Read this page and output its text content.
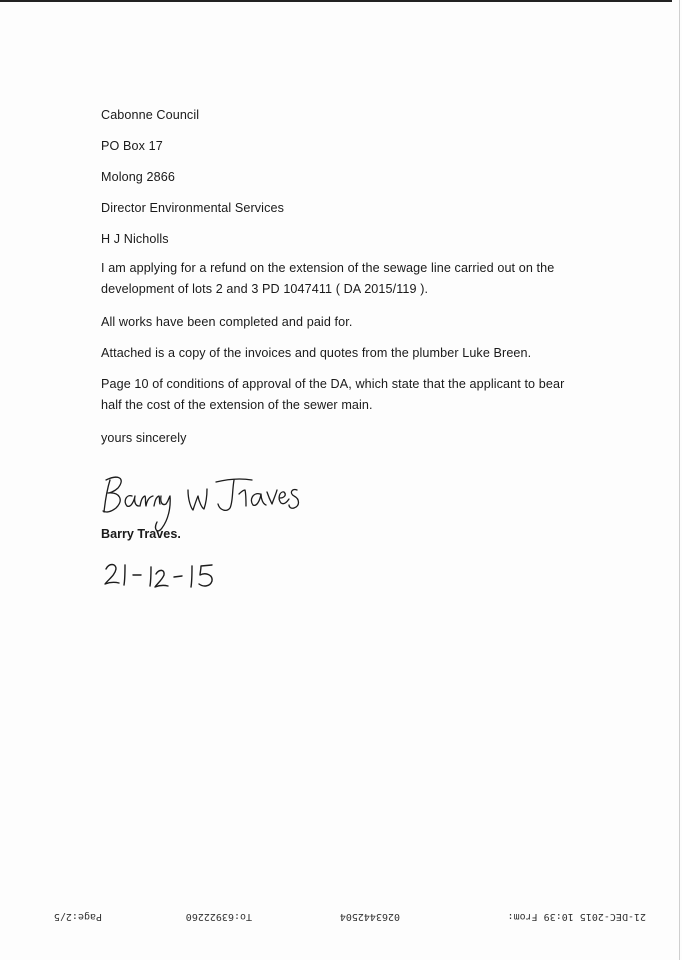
Cabonne Council
PO Box 17
Molong 2866
Director Environmental Services
H J Nicholls
I am applying for a refund on the extension of the sewage line carried out on the development of lots 2 and 3 PD 1047411 ( DA 2015/119 ).
All works have been completed and paid for.
Attached is a copy of the invoices and quotes from the plumber Luke Breen.
Page 10 of conditions of approval of the DA, which state that the applicant to bear half the cost of the extension of the sewer main.
yours sincerely
Barry Traves.
21-DEC-2015 10:39 From:
0263442504
To:63922260
Page:2/5
